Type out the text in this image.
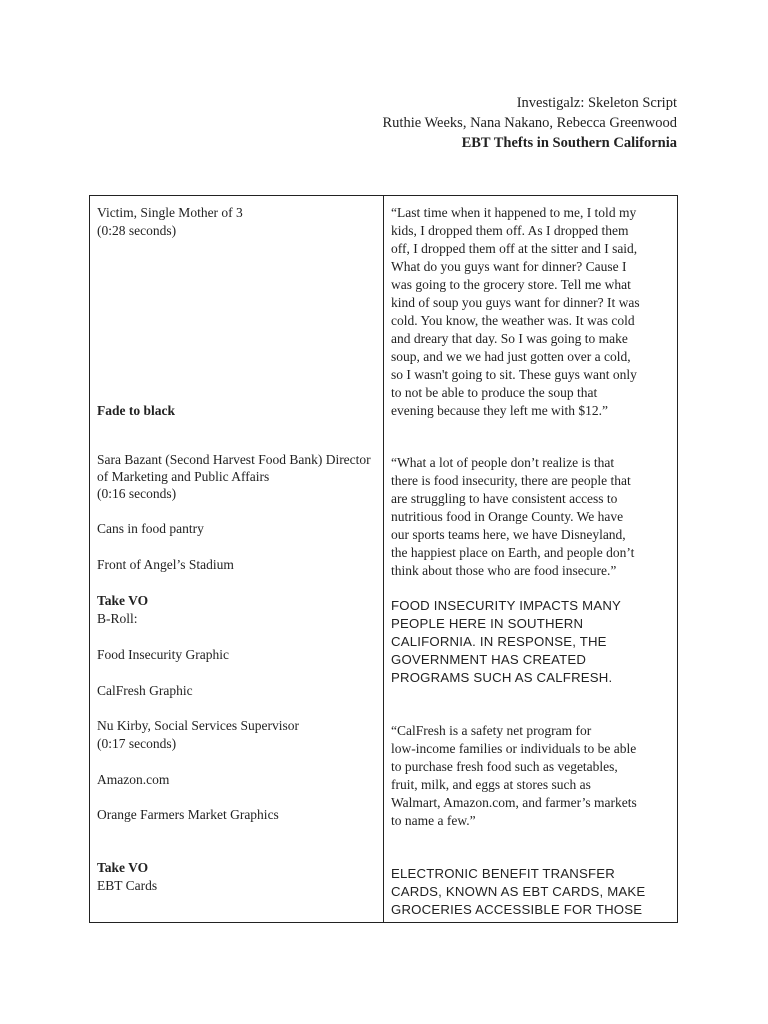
Investigalz: Skeleton Script
Ruthie Weeks, Nana Nakano, Rebecca Greenwood
EBT Thefts in Southern California
Victim, Single Mother of 3
(0:28 seconds)
Fade to black
Sara Bazant (Second Harvest Food Bank) Director
of Marketing and Public Affairs
(0:16 seconds)
Cans in food pantry
Front of Angel’s Stadium
Take VO
B-Roll:
Food Insecurity Graphic
CalFresh Graphic
Nu Kirby, Social Services Supervisor
(0:17 seconds)
Amazon.com
Orange Farmers Market Graphics
Take VO
EBT Cards
“Last time when it happened to me, I told my
kids, I dropped them off. As I dropped them
off, I dropped them off at the sitter and I said,
What do you guys want for dinner? Cause I
was going to the grocery store. Tell me what
kind of soup you guys want for dinner? It was
cold. You know, the weather was. It was cold
and dreary that day. So I was going to make
soup, and we we had just gotten over a cold,
so I wasn't going to sit. These guys want only
to not be able to produce the soup that
evening because they left me with $12.”
“What a lot of people don’t realize is that
there is food insecurity, there are people that
are struggling to have consistent access to
nutritious food in Orange County. We have
our sports teams here, we have Disneyland,
the happiest place on Earth, and people don’t
think about those who are food insecure.”
FOOD INSECURITY IMPACTS MANY
PEOPLE HERE IN SOUTHERN
CALIFORNIA. IN RESPONSE, THE
GOVERNMENT HAS CREATED
PROGRAMS SUCH AS CALFRESH.
“CalFresh is a safety net program for
low-income families or individuals to be able
to purchase fresh food such as vegetables,
fruit, milk, and eggs at stores such as
Walmart, Amazon.com, and farmer’s markets
to name a few.”
ELECTRONIC BENEFIT TRANSFER
CARDS, KNOWN AS EBT CARDS, MAKE
GROCERIES ACCESSIBLE FOR THOSE
